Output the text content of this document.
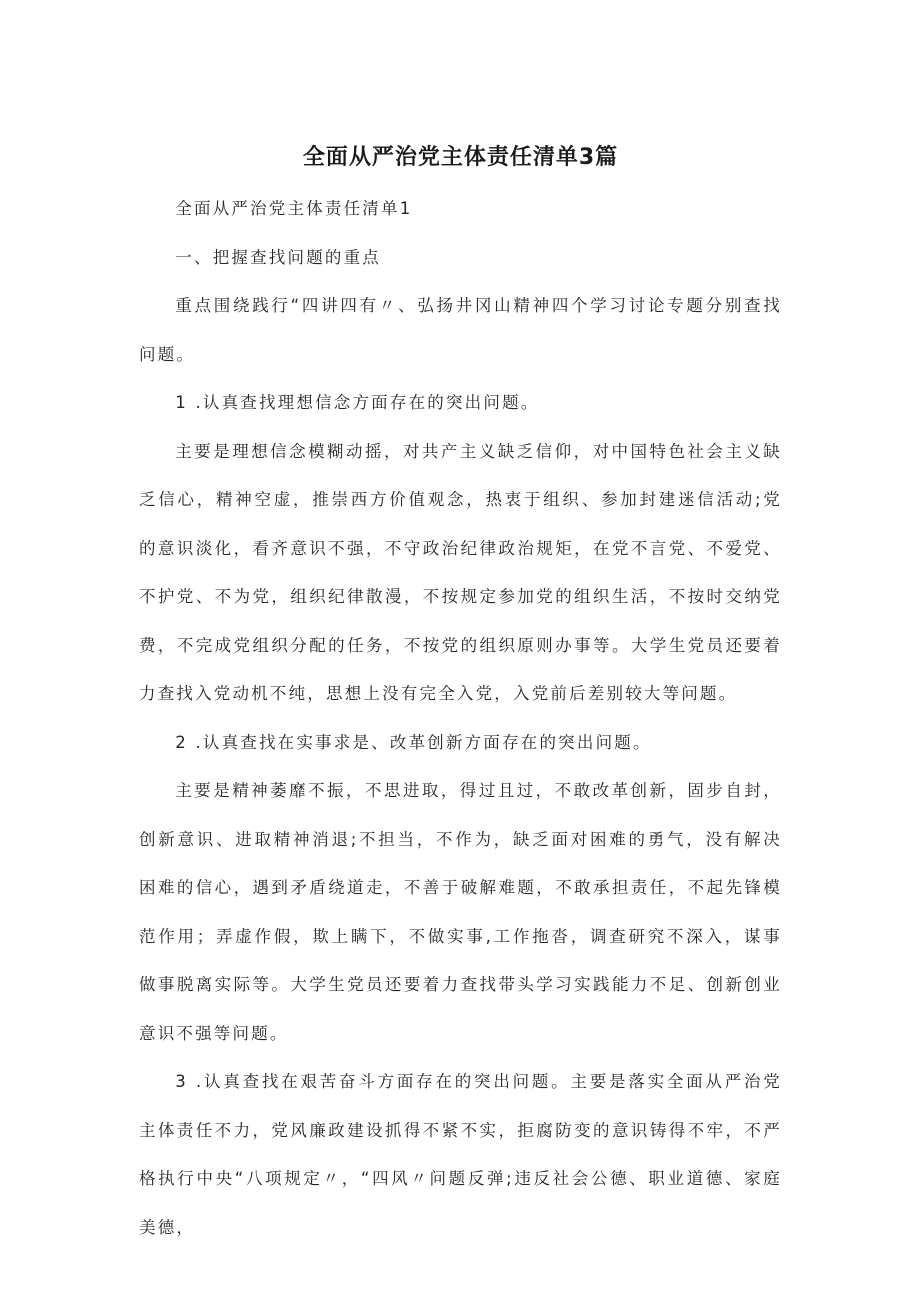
全面从严治党主体责任清单3篇

全面从严治党主体责任清单1

一、把握查找问题的重点

重点围绕践行“四讲四有〃、弘扬井冈山精神四个学习讨论专题分别查找问题。

1 .认真查找理想信念方面存在的突出问题。

主要是理想信念模糊动摇，对共产主义缺乏信仰，对中国特色社会主义缺乏信心，精神空虚，推崇西方价值观念，热衷于组织、参加封建迷信活动;党的意识淡化，看齐意识不强，不守政治纪律政治规矩，在党不言党、不爱党、不护党、不为党，组织纪律散漫，不按规定参加党的组织生活，不按时交纳党费，不完成党组织分配的任务，不按党的组织原则办事等。大学生党员还要着力查找入党动机不纯，思想上没有完全入党，入党前后差别较大等问题。

2 .认真查找在实事求是、改革创新方面存在的突出问题。

主要是精神萎靡不振，不思进取，得过且过，不敢改革创新，固步自封，创新意识、进取精神消退;不担当，不作为，缺乏面对困难的勇气，没有解决困难的信心，遇到矛盾绕道走，不善于破解难题，不敢承担责任，不起先锋模范作用；弄虚作假，欺上瞒下，不做实事,工作拖沓，调查研究不深入，谋事做事脱离实际等。大学生党员还要着力查找带头学习实践能力不足、创新创业意识不强等问题。

3 .认真查找在艰苦奋斗方面存在的突出问题。主要是落实全面从严治党主体责任不力，党风廉政建设抓得不紧不实，拒腐防变的意识铸得不牢，不严格执行中央“八项规定〃，“四风〃问题反弹;违反社会公德、职业道德、家庭美德，
